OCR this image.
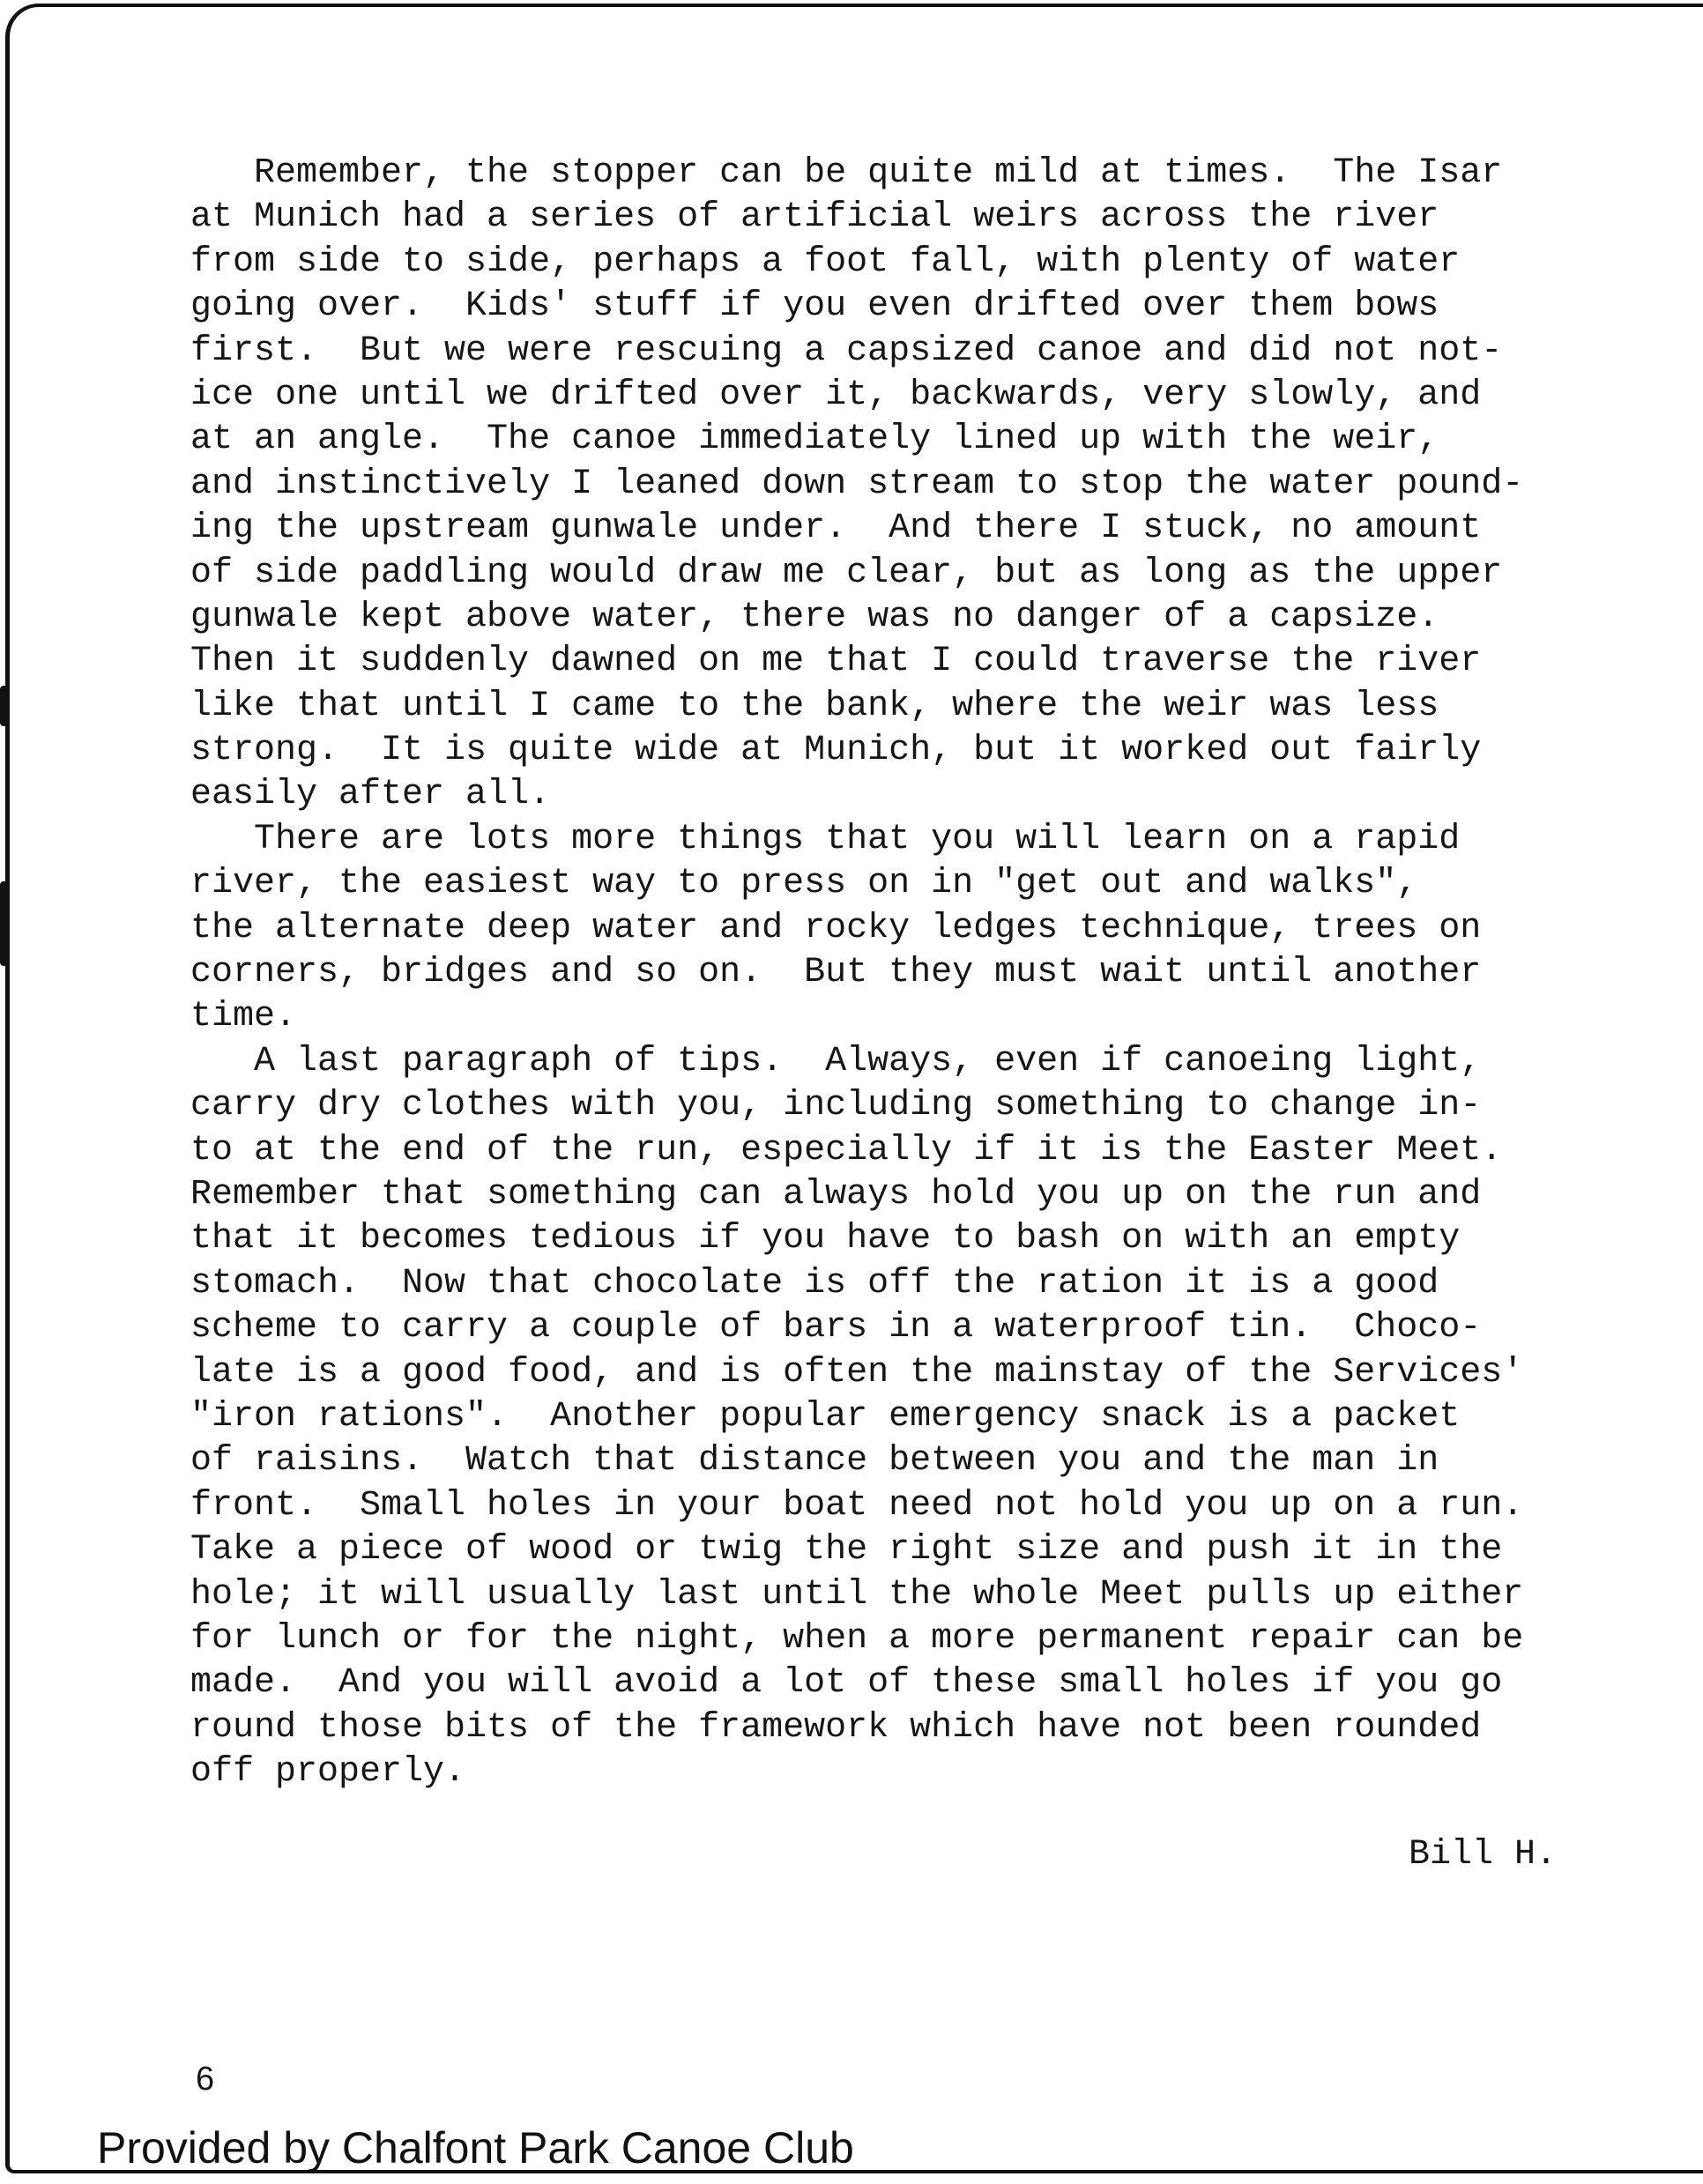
Remember, the stopper can be quite mild at times.  The Isar
at Munich had a series of artificial weirs across the river
from side to side, perhaps a foot fall, with plenty of water
going over.  Kids' stuff if you even drifted over them bows
first.  But we were rescuing a capsized canoe and did not not-
ice one until we drifted over it, backwards, very slowly, and
at an angle.  The canoe immediately lined up with the weir,
and instinctively I leaned down stream to stop the water pound-
ing the upstream gunwale under.  And there I stuck, no amount
of side paddling would draw me clear, but as long as the upper
gunwale kept above water, there was no danger of a capsize.
Then it suddenly dawned on me that I could traverse the river
like that until I came to the bank, where the weir was less
strong.  It is quite wide at Munich, but it worked out fairly
easily after all.
There are lots more things that you will learn on a rapid
river, the easiest way to press on in "get out and walks",
the alternate deep water and rocky ledges technique, trees on
corners, bridges and so on.  But they must wait until another
time.
A last paragraph of tips.  Always, even if canoeing light,
carry dry clothes with you, including something to change in-
to at the end of the run, especially if it is the Easter Meet.
Remember that something can always hold you up on the run and
that it becomes tedious if you have to bash on with an empty
stomach.  Now that chocolate is off the ration it is a good
scheme to carry a couple of bars in a waterproof tin.  Choco-
late is a good food, and is often the mainstay of the Services'
"iron rations".  Another popular emergency snack is a packet
of raisins.  Watch that distance between you and the man in
front.  Small holes in your boat need not hold you up on a run.
Take a piece of wood or twig the right size and push it in the
hole; it will usually last until the whole Meet pulls up either
for lunch or for the night, when a more permanent repair can be
made.  And you will avoid a lot of these small holes if you go
round those bits of the framework which have not been rounded
off properly.
Bill H.
6
Provided by Chalfont Park Canoe Club
